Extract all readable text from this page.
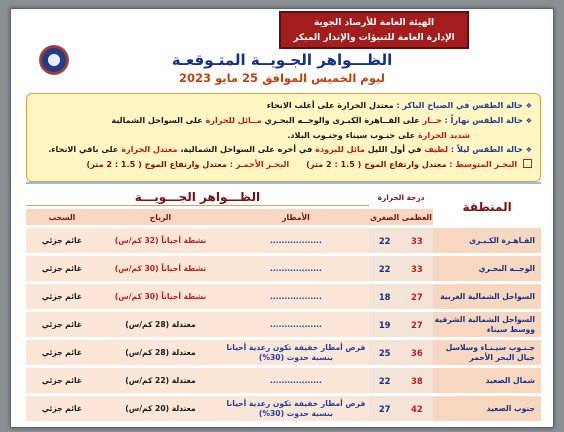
الهيئة العامة للأرصاد الجوية
الإدارة العامة للتنبؤات والإنذار المبكر
الظـــواهر الجـويــة المتـوقعـة
ليوم الخميس الموافق 25 مايو 2023

❖ حالة الطقس في الصباح الباكر : معتدل الحرارة على أغلب الانحاء

❖ حالة الطقس نهاراً : حــار على القــاهرة الكبـرى والوجــه البحـري مــائل للحرارة على السواحل الشمالية

شديد الحرارة على جنـوب سيناء وجنـوب البلاد.

❖ حالة الطقس ليلاً : لطيف في أول الليل مائل للبرودة في أخره على السواحل الشمالية، معتدل الحرارة على باقي الانحاء.

البحـر المتوسط : معتدل وارتفاع الموج ( 1.5 : 2 متر)      البحـر الأحمـر : معتدل وارتفاع الموج ( 1.5 : 2 متر)

المنطقة	درجة الحرارة		الظـــواهر الجـــويـــة		
	العظمى	الصغرى	الأمطار	الرياح	السحب
القـاهـرة الكـبـرى	33	22	..................	نشطة أحياناً (32 كم/س)	غائم جزئي
الوجــه البحـري	33	22	..................	نشطة أحياناً (30 كم/س)	غائم جزئي
السواحل الشمالية الغربية	27	18	..................	نشطة أحياناً (30 كم/س)	غائم جزئي
السواحل الشمالية الشرقية ووسط سيناء	27	19	..................	معتدلة (28 كم/س)	غائم جزئي
جـنـوب سيـنـاء وسلاسل جبال البحر الأحمر	36	25	فرص أمطار خفيفة تكون رعدية أحيانا بنسبة حدوث (30%)	معتدلة (28 كم/س)	غائم جزئي
شمال الصعيد	38	22	..................	معتدلة (22 كم/س)	غائم جزئي
جنوب الصعيد	42	27	فرص أمطار خفيفة تكون رعدية أحيانا بنسبة حدوث (30%)	معتدلة (20 كم/س)	غائم جزئي
